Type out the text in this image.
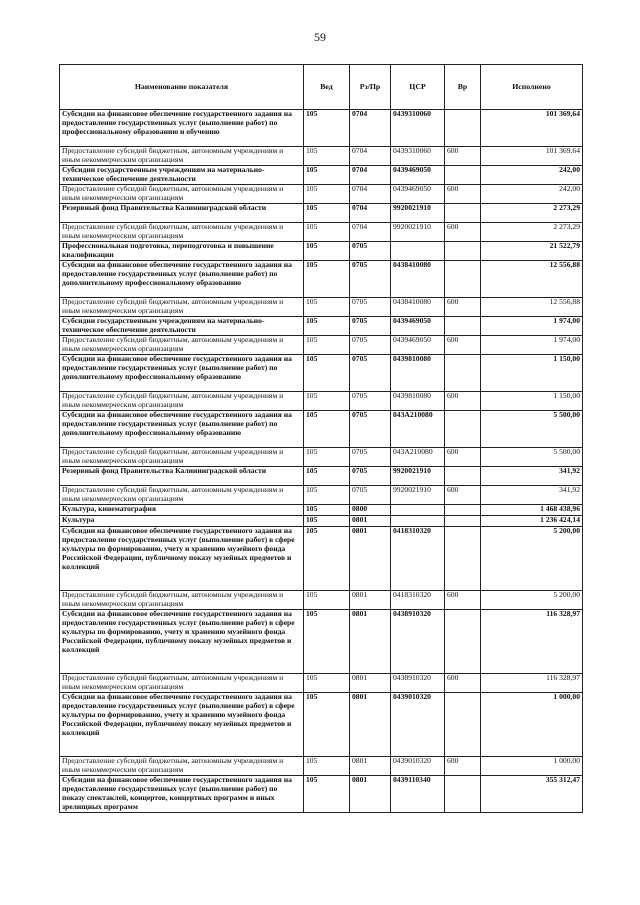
59
Наименование показателя	Вед	Рз/Пр	ЦСР	Вр	Исполнено
Субсидии на финансовое обеспечение государственного задания на предоставление государственных услуг (выполнение работ) по профессиональному образованию и обучению	105	0704	0439310060		101 369,64
Предоставление субсидий бюджетным, автономным учреждениям и иным некоммерческим организациям	105	0704	0439310060	600	101 369,64
Субсидии государственным учреждениям на материально-техническое обеспечение деятельности	105	0704	0439469050		242,00
Предоставление субсидий бюджетным, автономным учреждениям и иным некоммерческим организациям	105	0704	0439469050	600	242,00
Резервный фонд Правительства Калининградской области	105	0704	9920021910		2 273,29
Предоставление субсидий бюджетным, автономным учреждениям и иным некоммерческим организациям	105	0704	9920021910	600	2 273,29
Профессиональная подготовка, переподготовка и повышение квалификации	105	0705			21 522,79
Субсидии на финансовое обеспечение государственного задания на предоставление государственных услуг (выполнение работ) по дополнительному профессиональному образованию	105	0705	0438410080		12 556,88
Предоставление субсидий бюджетным, автономным учреждениям и иным некоммерческим организациям	105	0705	0438410080	600	12 556,88
Субсидии государственным учреждениям на материально-техническое обеспечение деятельности	105	0705	0439469050		1 974,00
Предоставление субсидий бюджетным, автономным учреждениям и иным некоммерческим организациям	105	0705	0439469050	600	1 974,00
Субсидии на финансовое обеспечение государственного задания на предоставление государственных услуг (выполнение работ) по дополнительному профессиональному образованию	105	0705	0439810080		1 150,00
Предоставление субсидий бюджетным, автономным учреждениям и иным некоммерческим организациям	105	0705	0439810080	600	1 150,00
Субсидии на финансовое обеспечение государственного задания на предоставление государственных услуг (выполнение работ) по дополнительному профессиональному образованию	105	0705	043A210080		5 500,00
Предоставление субсидий бюджетным, автономным учреждениям и иным некоммерческим организациям	105	0705	043A210080	600	5 500,00
Резервный фонд Правительства Калининградской области	105	0705	9920021910		341,92
Предоставление субсидий бюджетным, автономным учреждениям и иным некоммерческим организациям	105	0705	9920021910	600	341,92
Культура, кинематография	105	0800			1 468 438,96
Культура	105	0801			1 236 424,14
Субсидии на финансовое обеспечение государственного задания на предоставление государственных услуг (выполнение работ) в сфере культуры по формированию, учету и хранению музейного фонда Российской Федерации, публичному показу музейных предметов и коллекций	105	0801	0418310320		5 200,00
Предоставление субсидий бюджетным, автономным учреждениям и иным некоммерческим организациям	105	0801	0418310320	600	5 200,00
Субсидии на финансовое обеспечение государственного задания на предоставление государственных услуг (выполнение работ) в сфере культуры по формированию, учету и хранению музейного фонда Российской Федерации, публичному показу музейных предметов и коллекций	105	0801	0438910320		116 328,97
Предоставление субсидий бюджетным, автономным учреждениям и иным некоммерческим организациям	105	0801	0438910320	600	116 328,97
Субсидии на финансовое обеспечение государственного задания на предоставление государственных услуг (выполнение работ) в сфере культуры по формированию, учету и хранению музейного фонда Российской Федерации, публичному показу музейных предметов и коллекций	105	0801	0439010320		1 000,00
Предоставление субсидий бюджетным, автономным учреждениям и иным некоммерческим организациям	105	0801	0439010320	600	1 000,00
Субсидии на финансовое обеспечение государственного задания на предоставление государственных услуг (выполнение работ) по показу спектаклей, концертов, концертных программ и иных зрелищных программ	105	0801	0439110340		355 312,47
